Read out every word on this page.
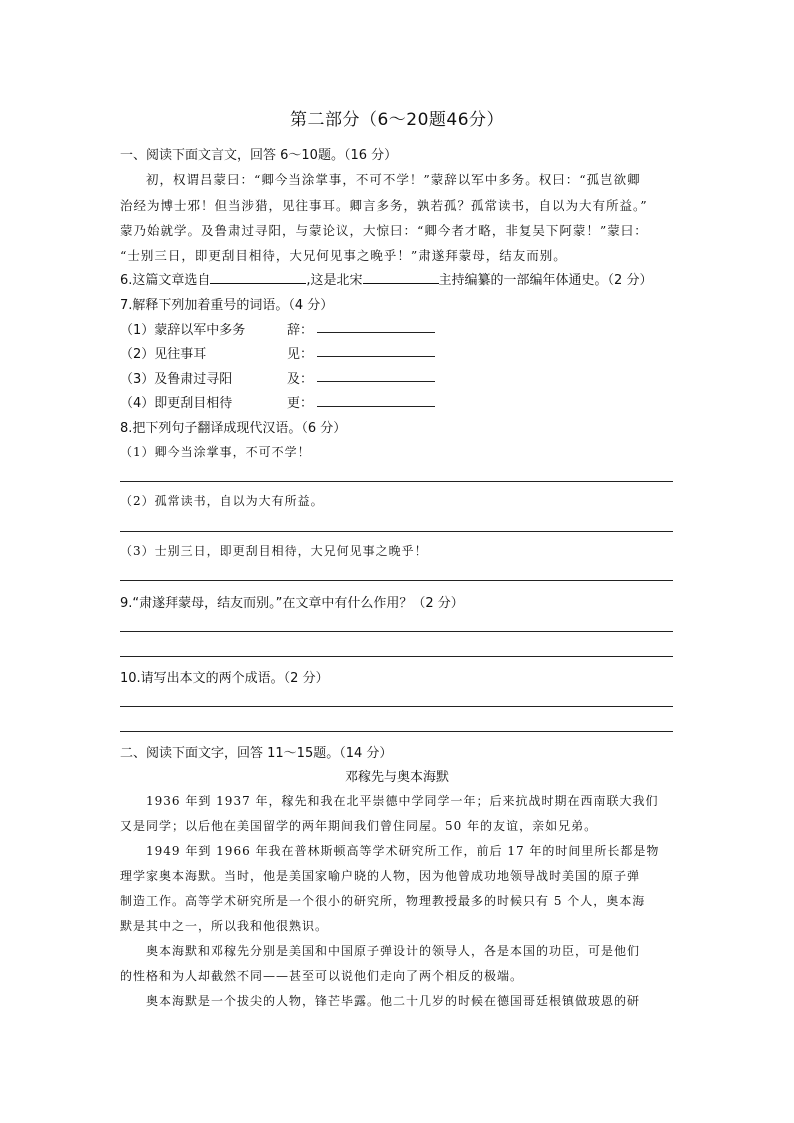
第二部分（6～20题46分）
一、阅读下面文言文，回答 6～10题。（16 分）
初，权谓吕蒙曰：“卿今当涂掌事，不可不学！”蒙辞以军中多务。权曰：“孤岂欲卿
治经为博士邪！但当涉猎，见往事耳。卿言多务，孰若孤？孤常读书，自以为大有所益。”
蒙乃始就学。及鲁肃过寻阳，与蒙论议，大惊曰：“卿今者才略，非复吴下阿蒙！”蒙曰：
“士别三日，即更刮目相待，大兄何见事之晚乎！”肃遂拜蒙母，结友而别。
6.这篇文章选自	,这是北宋	主持编纂的一部编年体通史。（2 分）
7.解释下列加着重号的词语。（4 分）
（1）蒙辞以军中多务	辞：
（2）见往事耳	见：
（3）及鲁肃过寻阳	及：
（4）即更刮目相待	更：
8.把下列句子翻译成现代汉语。（6 分）
（1）卿今当涂掌事，不可不学！
（2）孤常读书，自以为大有所益。
（3）士别三日，即更刮目相待，大兄何见事之晚乎！
9.“肃遂拜蒙母，结友而别。”在文章中有什么作用？（2 分）
10.请写出本文的两个成语。（2 分）
二、阅读下面文字，回答 11～15题。（14 分）
邓稼先与奥本海默
1936 年到 1937 年，稼先和我在北平崇德中学同学一年；后来抗战时期在西南联大我们
又是同学；以后他在美国留学的两年期间我们曾住同屋。50 年的友谊，亲如兄弟。
1949 年到 1966 年我在普林斯顿高等学术研究所工作，前后 17 年的时间里所长都是物
理学家奥本海默。当时，他是美国家喻户晓的人物，因为他曾成功地领导战时美国的原子弹
制造工作。高等学术研究所是一个很小的研究所，物理教授最多的时候只有 5 个人，奥本海
默是其中之一，所以我和他很熟识。
奥本海默和邓稼先分别是美国和中国原子弹设计的领导人，各是本国的功臣，可是他们
的性格和为人却截然不同——甚至可以说他们走向了两个相反的极端。
奥本海默是一个拔尖的人物，锋芒毕露。他二十几岁的时候在德国哥廷根镇做玻恩的研
